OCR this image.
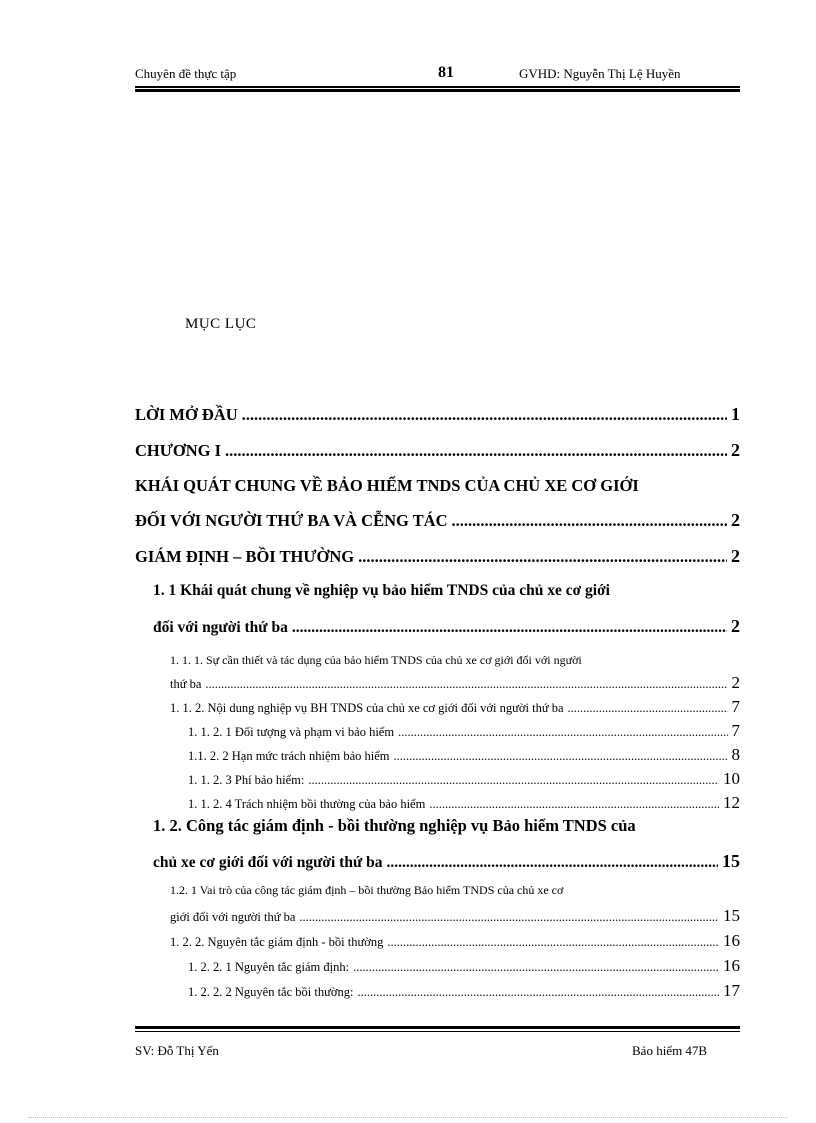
Chuyên đề thực tập	81	GVHD: Nguyễn Thị Lệ Huyền
MỤC LỤC
LỜI MỞ ĐẦU .....	1
CHƯƠNG I .....	2
KHÁI QUÁT CHUNG VỀ BẢO HIỂM TNDS CỦA CHỦ XE CƠ GIỚI
ĐỐI VỚI NGƯỜI THỨ BA VÀ CỄNG TÁC .....	2
GIÁM ĐỊNH – BỒI THƯỜNG .....	2
1. 1 Khái quát chung về nghiệp vụ bảo hiểm TNDS của chủ xe cơ giới
đối với người thứ ba .....	2
1. 1. 1. Sự cần thiết và tác dụng của bảo hiểm TNDS của chủ xe cơ giới đối với người
thứ ba .....	2
1. 1. 2. Nội dung nghiệp vụ BH TNDS của chủ xe cơ giới đối với người thứ ba .....	7
1. 1. 2. 1 Đối tượng và phạm vi bảo hiểm .....	7
1.1. 2. 2 Hạn mức trách nhiệm bảo hiểm .....	8
1. 1. 2. 3 Phí bảo hiểm: .....	10
1. 1. 2. 4 Trách nhiệm bồi thường của bảo hiểm .....	12
1. 2. Công tác giám định - bồi thường nghiệp vụ Bảo hiểm TNDS của
chủ xe cơ giới đối với người thứ ba .....	15
1.2. 1 Vai trò của công tác giám định – bồi thường Bảo hiểm TNDS của chủ xe cơ
giới đối với người thứ ba .....	15
1. 2. 2. Nguyên tắc giám định - bồi thường .....	16
1. 2. 2. 1 Nguyên tắc giám định: .....	16
1. 2. 2. 2 Nguyên tắc bồi thường: .....	17
SV: Đỗ Thị Yến	Bảo hiểm 47B
